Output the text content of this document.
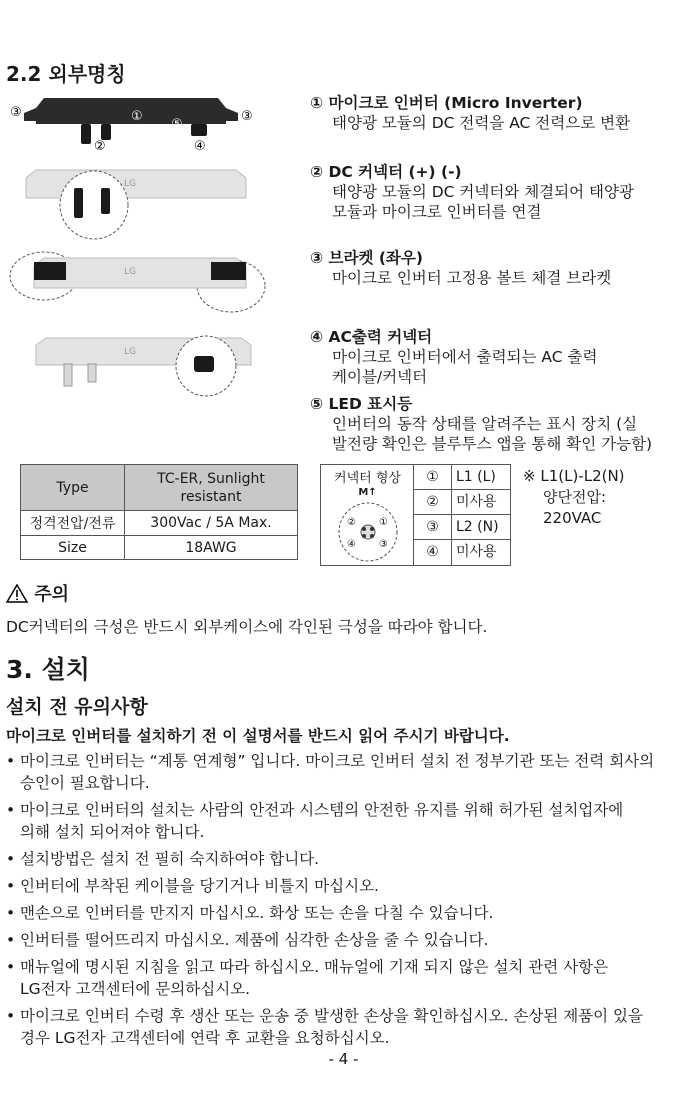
2.2 외부명칭
③	①
⑤
③
②	④
LG
LG
LG
① 마이크로 인버터 (Micro Inverter)
태양광 모듈의 DC 전력을 AC 전력으로 변환
② DC 커넥터 (+) (-)
태양광 모듈의 DC 커넥터와 체결되어 태양광
모듈과 마이크로 인버터를 연결
③ 브라켓 (좌우)
마이크로 인버터 고정용 볼트 체결 브라켓
④ AC출력 커넥터
마이크로 인버터에서 출력되는 AC 출력
케이블/커넥터
⑤ LED 표시등
인버터의 동작 상태를 알려주는 표시 장치 (실
발전량 확인은 블루투스 앱을 통해 확인 가능함)
Type	TC-ER, Sunlight
resistant

정격전압/전류	300Vac / 5A Max.
Size	18AWG
커넥터 형상
M↑
② ①
④ ③
①	L1 (L)
②	미사용
③	L2 (N)
④	미사용
※ L1(L)-L2(N)
양단전압:
220VAC
주의
DC커넥터의 극성은 반드시 외부케이스에 각인된 극성을 따라야 합니다.
3. 설치
설치 전 유의사항
마이크로 인버터를 설치하기 전 이 설명서를 반드시 읽어 주시기 바랍니다.
• 마이크로 인버터는 “계통 연계형” 입니다. 마이크로 인버터 설치 전 정부기관 또는 전력 회사의
승인이 필요합니다.
• 마이크로 인버터의 설치는 사람의 안전과 시스템의 안전한 유지를 위해 허가된 설치업자에
의해 설치 되어져야 합니다.
• 설치방법은 설치 전 필히 숙지하여야 합니다.
• 인버터에 부착된 케이블을 당기거나 비틀지 마십시오.
• 맨손으로 인버터를 만지지 마십시오. 화상 또는 손을 다칠 수 있습니다.
• 인버터를 떨어뜨리지 마십시오. 제품에 심각한 손상을 줄 수 있습니다.
• 매뉴얼에 명시된 지침을 읽고 따라 하십시오. 매뉴얼에 기재 되지 않은 설치 관련 사항은
LG전자 고객센터에 문의하십시오.
• 마이크로 인버터 수령 후 생산 또는 운송 중 발생한 손상을 확인하십시오. 손상된 제품이 있을
경우 LG전자 고객센터에 연락 후 교환을 요청하십시오.
- 4 -
